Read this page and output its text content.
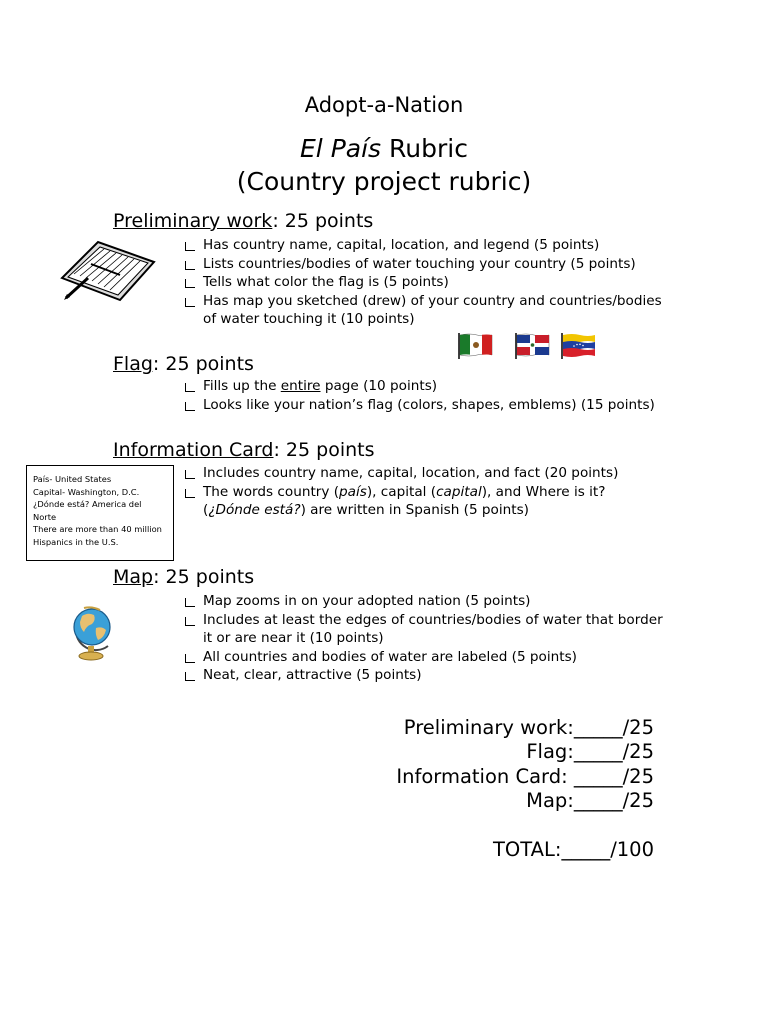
Adopt-a-Nation
El País Rubric
(Country project rubric)
Preliminary work: 25 points
Has country name, capital, location, and legend (5 points)
Lists countries/bodies of water touching your country (5 points)
Tells what color the flag is (5 points)
Has map you sketched (drew) of your country and countries/bodies of water touching it (10 points)
Flag: 25 points
Fills up the entire page (10 points)
Looks like your nation’s flag (colors, shapes, emblems) (15 points)
Information Card: 25 points
Includes country name, capital, location, and fact (20 points)
The words country (país), capital (capital), and Where is it? (¿Dónde está?) are written in Spanish (5 points)
País- United States
Capital- Washington, D.C.
¿Dónde está? America del
Norte
There are more than 40 million
Hispanics in the U.S.
Map: 25 points
Map zooms in on your adopted nation (5 points)
Includes at least the edges of countries/bodies of water that border it or are near it (10 points)
All countries and bodies of water are labeled (5 points)
Neat, clear, attractive (5 points)
Preliminary work:_____/25
Flag:_____/25
Information Card: _____/25
Map:_____/25
TOTAL:_____/100
